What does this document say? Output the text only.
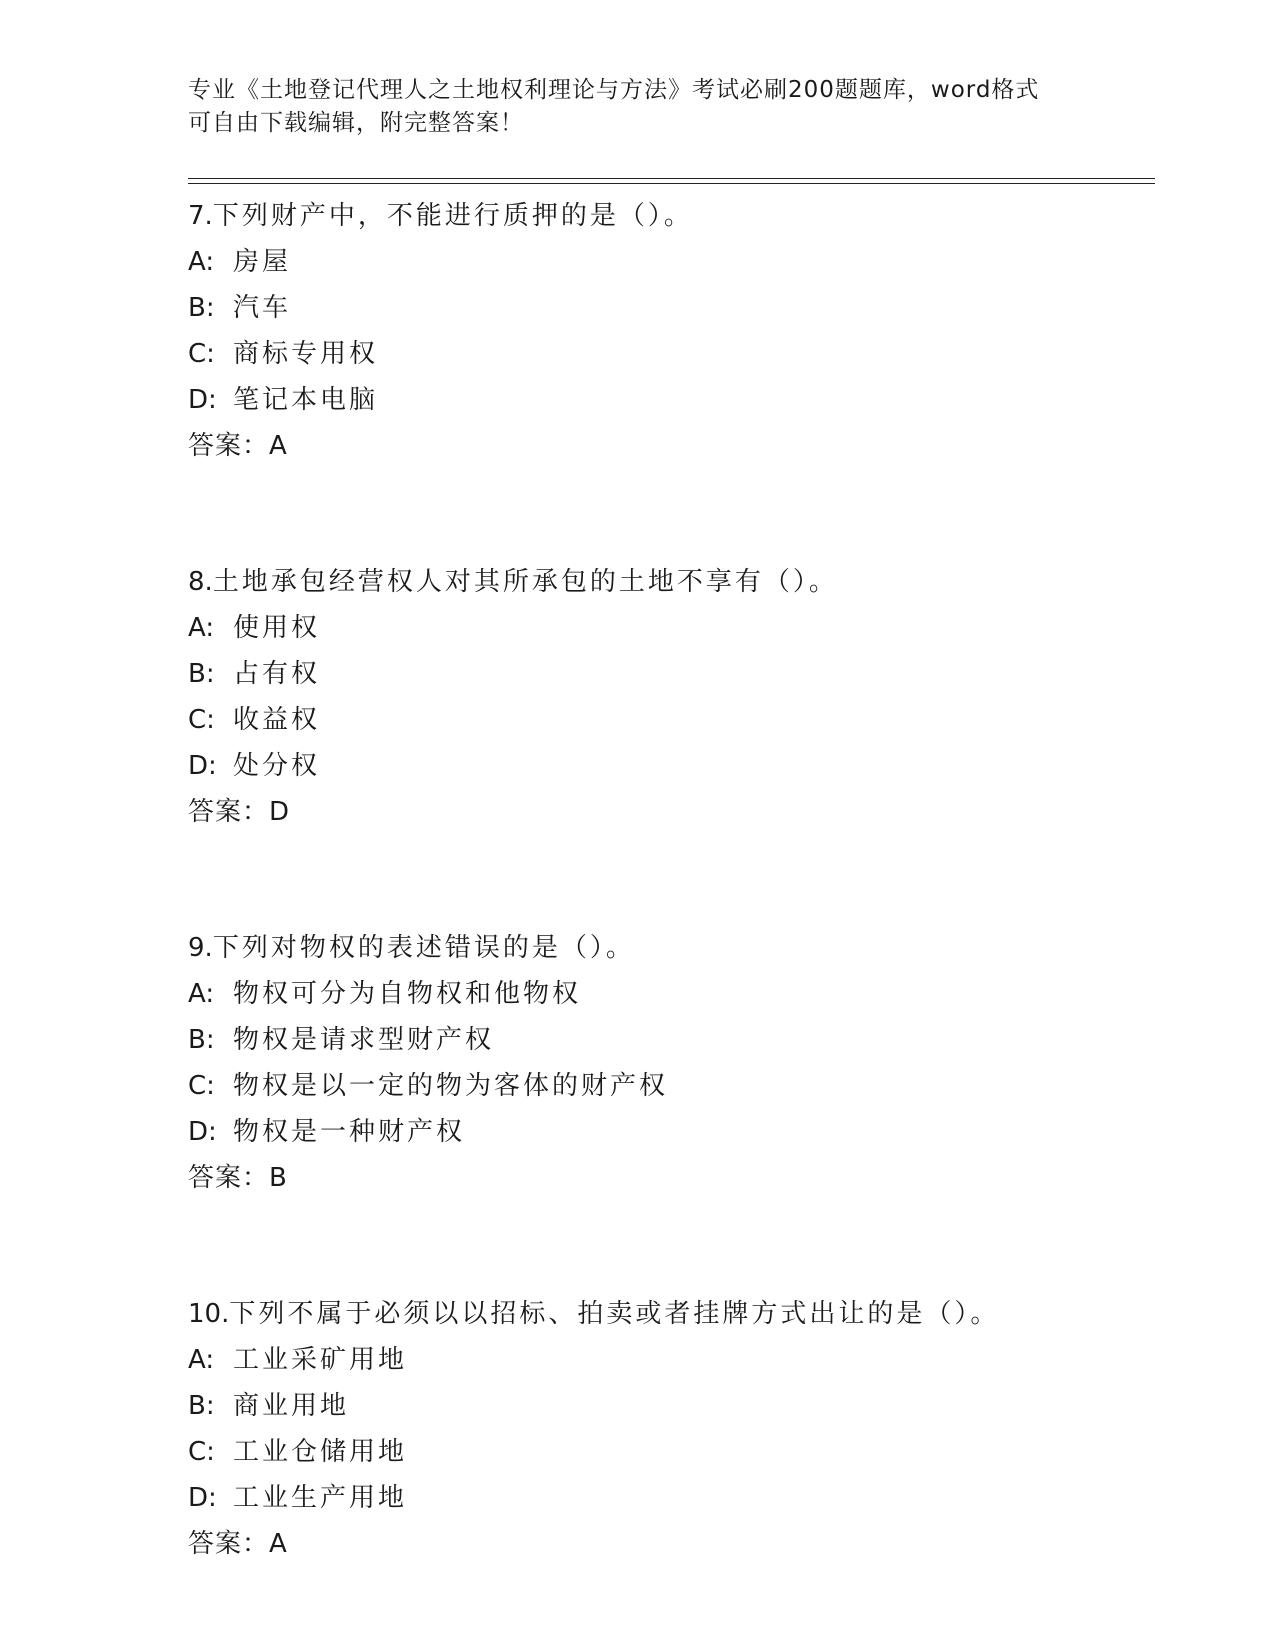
专业《土地登记代理人之土地权利理论与方法》考试必刷200题题库，word格式
可自由下载编辑，附完整答案！
7.下列财产中，不能进行质押的是（）。
A: 房屋
B: 汽车
C: 商标专用权
D: 笔记本电脑
答案：A
8.土地承包经营权人对其所承包的土地不享有（）。
A: 使用权
B: 占有权
C: 收益权
D: 处分权
答案：D
9.下列对物权的表述错误的是（）。
A: 物权可分为自物权和他物权
B: 物权是请求型财产权
C: 物权是以一定的物为客体的财产权
D: 物权是一种财产权
答案：B
10.下列不属于必须以以招标、拍卖或者挂牌方式出让的是（）。
A: 工业采矿用地
B: 商业用地
C: 工业仓储用地
D: 工业生产用地
答案：A
